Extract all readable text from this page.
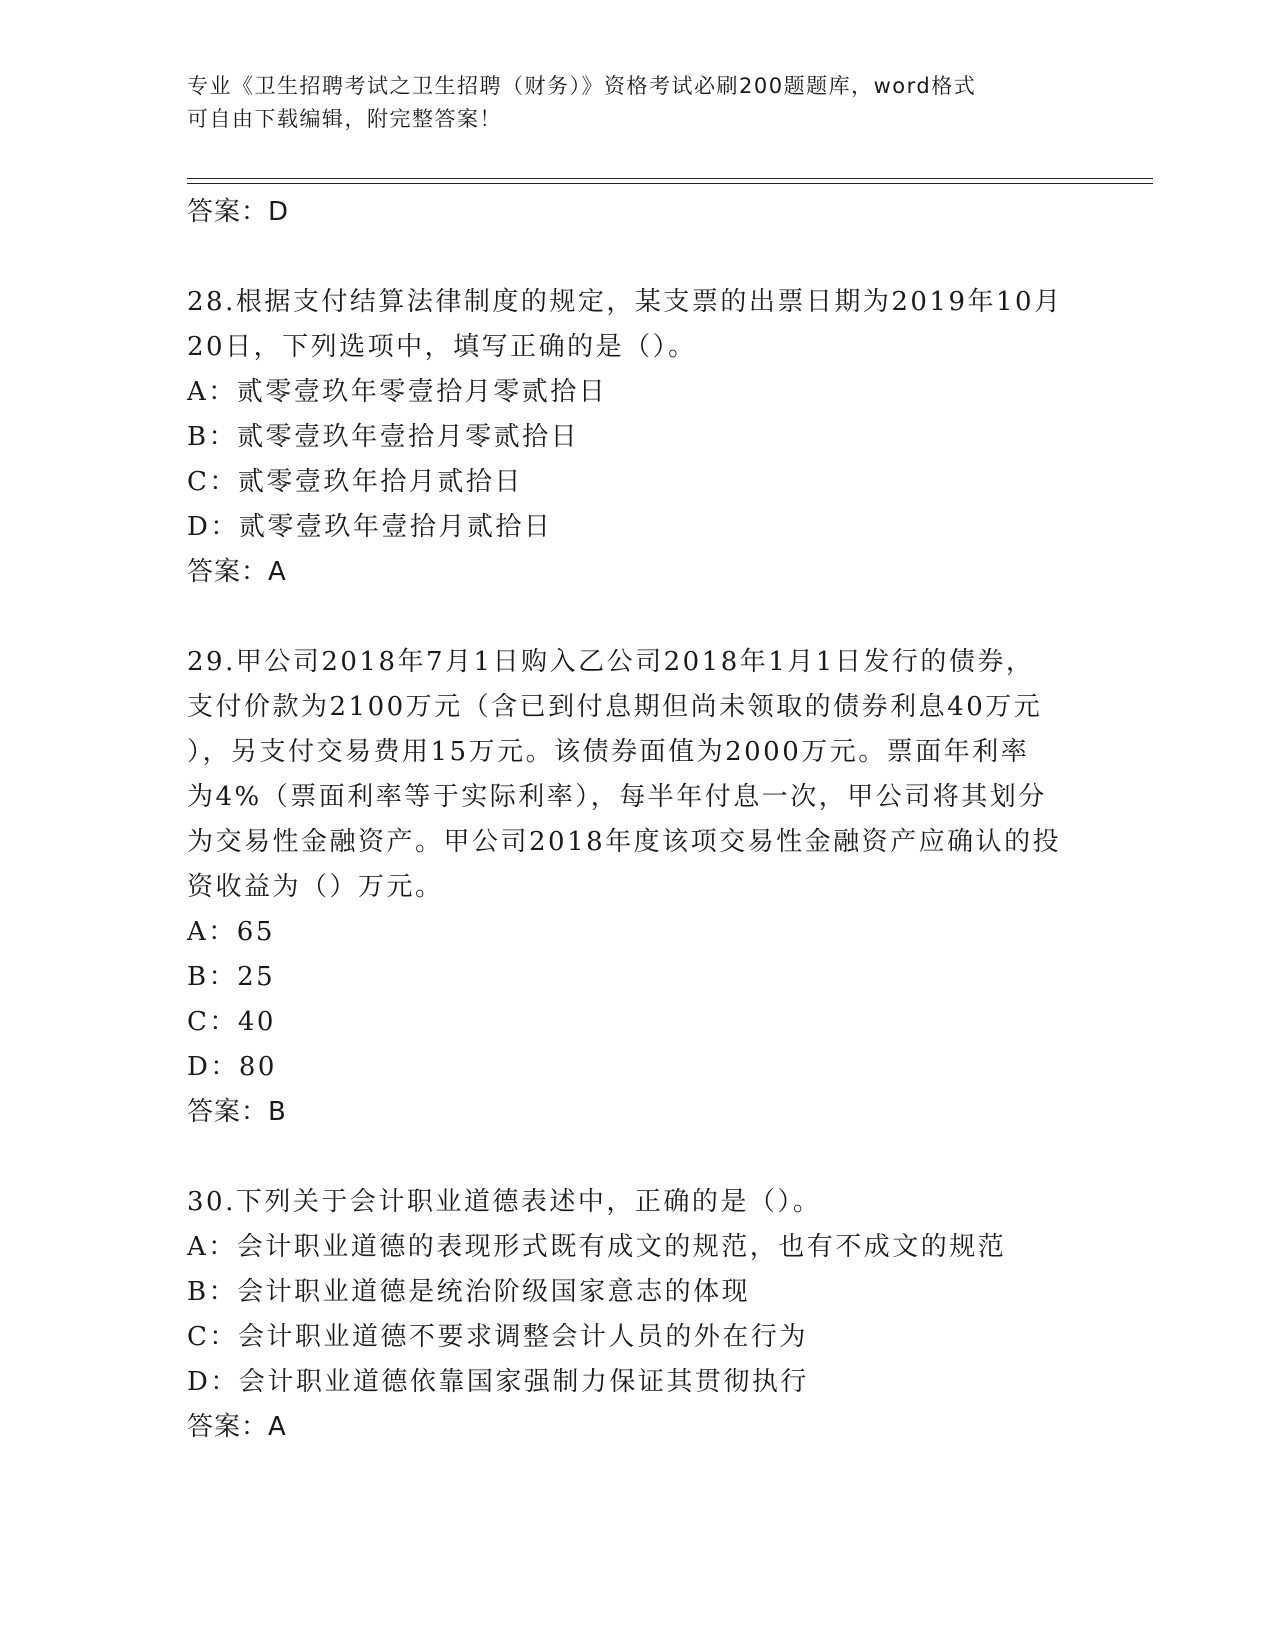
专业《卫生招聘考试之卫生招聘（财务）》资格考试必刷200题题库，word格式
可自由下载编辑，附完整答案！
答案：D
28.根据支付结算法律制度的规定，某支票的出票日期为2019年10月
20日，下列选项中，填写正确的是（）。
A：贰零壹玖年零壹拾月零贰拾日
B：贰零壹玖年壹拾月零贰拾日
C：贰零壹玖年拾月贰拾日
D：贰零壹玖年壹拾月贰拾日
答案：A
29.甲公司2018年7月1日购入乙公司2018年1月1日发行的债券，
支付价款为2100万元（含已到付息期但尚未领取的债券利息40万元
），另支付交易费用15万元。该债券面值为2000万元。票面年利率
为4%（票面利率等于实际利率），每半年付息一次，甲公司将其划分
为交易性金融资产。甲公司2018年度该项交易性金融资产应确认的投
资收益为（）万元。
A：65
B：25
C：40
D：80
答案：B
30.下列关于会计职业道德表述中，正确的是（）。
A：会计职业道德的表现形式既有成文的规范，也有不成文的规范
B：会计职业道德是统治阶级国家意志的体现
C：会计职业道德不要求调整会计人员的外在行为
D：会计职业道德依靠国家强制力保证其贯彻执行
答案：A
